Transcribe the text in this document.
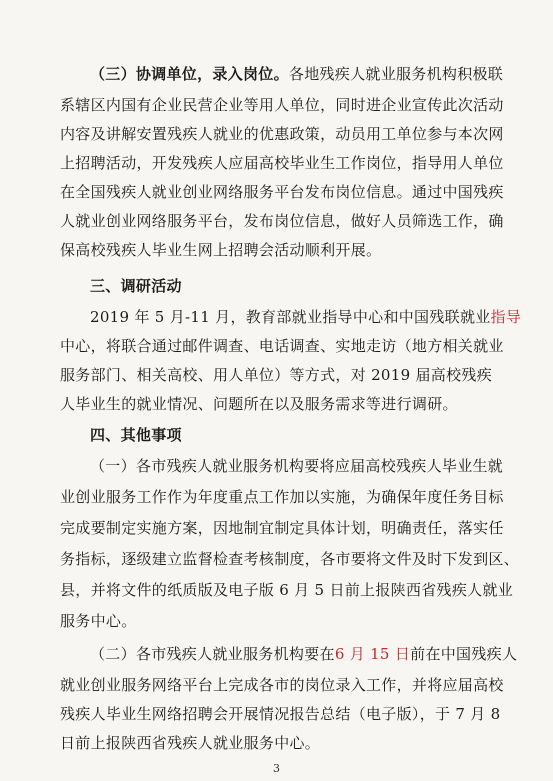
（三）协调单位，录入岗位。各地残疾人就业服务机构积极联
系辖区内国有企业民营企业等用人单位，同时进企业宣传此次活动
内容及讲解安置残疾人就业的优惠政策，动员用工单位参与本次网
上招聘活动，开发残疾人应届高校毕业生工作岗位，指导用人单位
在全国残疾人就业创业网络服务平台发布岗位信息。通过中国残疾
人就业创业网络服务平台，发布岗位信息，做好人员筛选工作，确
保高校残疾人毕业生网上招聘会活动顺利开展。
三、调研活动
2019 年 5 月-11 月，教育部就业指导中心和中国残联就业指导
中心，将联合通过邮件调查、电话调查、实地走访（地方相关就业
服务部门、相关高校、用人单位）等方式，对 2019 届高校残疾
人毕业生的就业情况、问题所在以及服务需求等进行调研。
四、其他事项
（一）各市残疾人就业服务机构要将应届高校残疾人毕业生就
业创业服务工作作为年度重点工作加以实施，为确保年度任务目标
完成要制定实施方案，因地制宜制定具体计划，明确责任，落实任
务指标，逐级建立监督检查考核制度，各市要将文件及时下发到区、
县，并将文件的纸质版及电子版 6 月 5 日前上报陕西省残疾人就业
服务中心。
（二）各市残疾人就业服务机构要在6 月 15 日前在中国残疾人
就业创业服务网络平台上完成各市的岗位录入工作，并将应届高校
残疾人毕业生网络招聘会开展情况报告总结（电子版），于 7 月 8
日前上报陕西省残疾人就业服务中心。
3
